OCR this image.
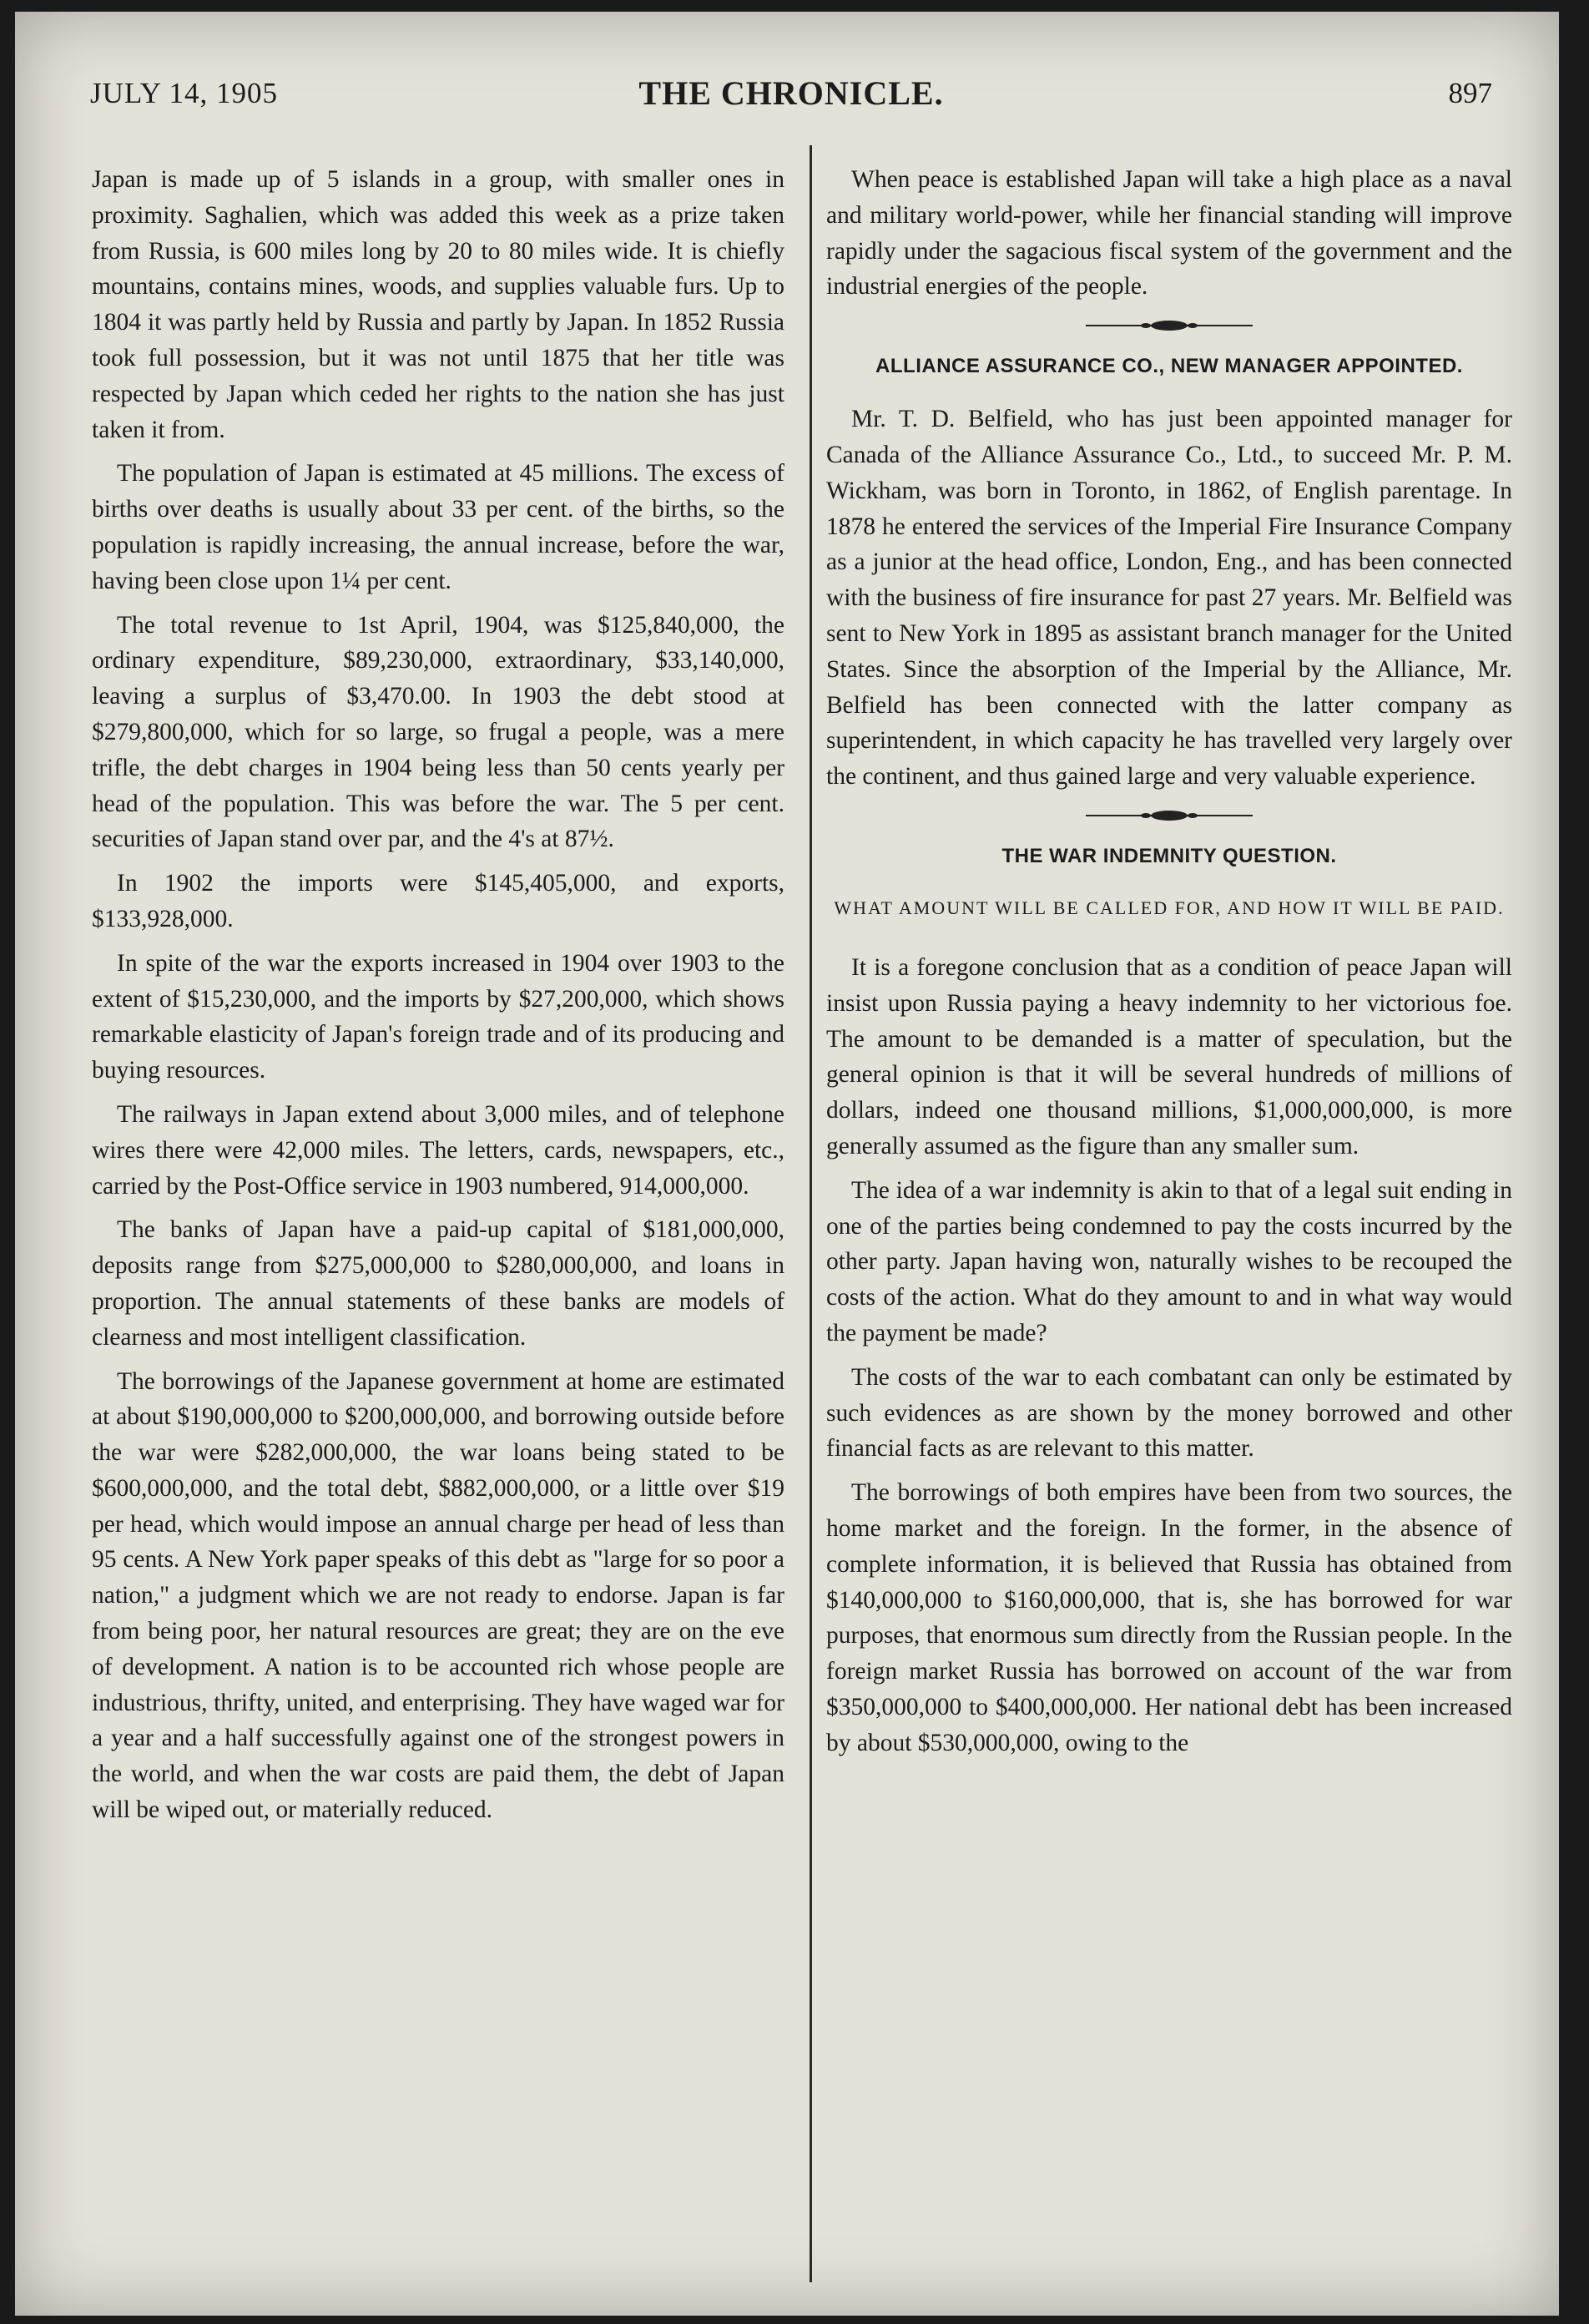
JULY 14, 1905	THE CHRONICLE.	897

Japan is made up of 5 islands in a group, with smaller ones in proximity. Saghalien, which was added this week as a prize taken from Russia, is 600 miles long by 20 to 80 miles wide. It is chiefly mountains, contains mines, woods, and supplies valuable furs. Up to 1804 it was partly held by Russia and partly by Japan. In 1852 Russia took full possession, but it was not until 1875 that her title was respected by Japan which ceded her rights to the nation she has just taken it from.

The population of Japan is estimated at 45 millions. The excess of births over deaths is usually about 33 per cent. of the births, so the population is rapidly increasing, the annual increase, before the war, having been close upon 1¼ per cent.

The total revenue to 1st April, 1904, was $125,840,000, the ordinary expenditure, $89,230,000, extraordinary, $33,140,000, leaving a surplus of $3,470.00. In 1903 the debt stood at $279,800,000, which for so large, so frugal a people, was a mere trifle, the debt charges in 1904 being less than 50 cents yearly per head of the population. This was before the war. The 5 per cent. securities of Japan stand over par, and the 4's at 87½.

In 1902 the imports were $145,405,000, and exports, $133,928,000.

In spite of the war the exports increased in 1904 over 1903 to the extent of $15,230,000, and the imports by $27,200,000, which shows remarkable elasticity of Japan's foreign trade and of its producing and buying resources.

The railways in Japan extend about 3,000 miles, and of telephone wires there were 42,000 miles. The letters, cards, newspapers, etc., carried by the Post-Office service in 1903 numbered, 914,000,000.

The banks of Japan have a paid-up capital of $181,000,000, deposits range from $275,000,000 to $280,000,000, and loans in proportion. The annual statements of these banks are models of clearness and most intelligent classification.

The borrowings of the Japanese government at home are estimated at about $190,000,000 to $200,000,000, and borrowing outside before the war were $282,000,000, the war loans being stated to be $600,000,000, and the total debt, $882,000,000, or a little over $19 per head, which would impose an annual charge per head of less than 95 cents. A New York paper speaks of this debt as "large for so poor a nation," a judgment which we are not ready to endorse. Japan is far from being poor, her natural resources are great; they are on the eve of development. A nation is to be accounted rich whose people are industrious, thrifty, united, and enterprising. They have waged war for a year and a half successfully against one of the strongest powers in the world, and when the war costs are paid them, the debt of Japan will be wiped out, or materially reduced.

When peace is established Japan will take a high place as a naval and military world-power, while her financial standing will improve rapidly under the sagacious fiscal system of the government and the industrial energies of the people.

ALLIANCE ASSURANCE CO., NEW MANAGER APPOINTED.

Mr. T. D. Belfield, who has just been appointed manager for Canada of the Alliance Assurance Co., Ltd., to succeed Mr. P. M. Wickham, was born in Toronto, in 1862, of English parentage. In 1878 he entered the services of the Imperial Fire Insurance Company as a junior at the head office, London, Eng., and has been connected with the business of fire insurance for past 27 years. Mr. Belfield was sent to New York in 1895 as assistant branch manager for the United States. Since the absorption of the Imperial by the Alliance, Mr. Belfield has been connected with the latter company as superintendent, in which capacity he has travelled very largely over the continent, and thus gained large and very valuable experience.

THE WAR INDEMNITY QUESTION.
WHAT AMOUNT WILL BE CALLED FOR, AND HOW IT WILL BE PAID.

It is a foregone conclusion that as a condition of peace Japan will insist upon Russia paying a heavy indemnity to her victorious foe. The amount to be demanded is a matter of speculation, but the general opinion is that it will be several hundreds of millions of dollars, indeed one thousand millions, $1,000,000,000, is more generally assumed as the figure than any smaller sum.

The idea of a war indemnity is akin to that of a legal suit ending in one of the parties being condemned to pay the costs incurred by the other party. Japan having won, naturally wishes to be recouped the costs of the action. What do they amount to and in what way would the payment be made?

The costs of the war to each combatant can only be estimated by such evidences as are shown by the money borrowed and other financial facts as are relevant to this matter.

The borrowings of both empires have been from two sources, the home market and the foreign. In the former, in the absence of complete information, it is believed that Russia has obtained from $140,000,000 to $160,000,000, that is, she has borrowed for war purposes, that enormous sum directly from the Russian people. In the foreign market Russia has borrowed on account of the war from $350,000,000 to $400,000,000. Her national debt has been increased by about $530,000,000, owing to the
